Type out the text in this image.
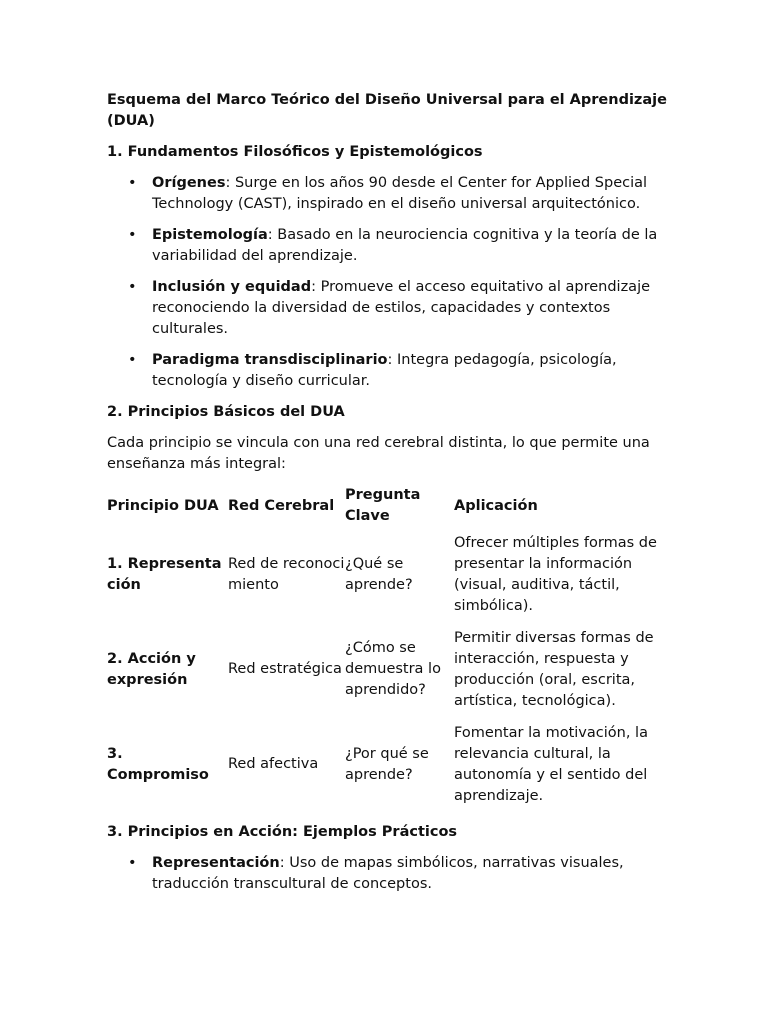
Esquema del Marco Teórico del Diseño Universal para el Aprendizaje (DUA)
1. Fundamentos Filosóficos y Epistemológicos
• Orígenes: Surge en los años 90 desde el Center for Applied Special Technology (CAST), inspirado en el diseño universal arquitectónico.
• Epistemología: Basado en la neurociencia cognitiva y la teoría de la variabilidad del aprendizaje.
• Inclusión y equidad: Promueve el acceso equitativo al aprendizaje reconociendo la diversidad de estilos, capacidades y contextos culturales.
• Paradigma transdisciplinario: Integra pedagogía, psicología, tecnología y diseño curricular.
2. Principios Básicos del DUA

Cada principio se vincula con una red cerebral distinta, lo que permite una enseñanza más integral:

Principio DUA	Red Cerebral	Pregunta Clave	Aplicación
1. Representación	Red de reconocimiento	¿Qué se aprende?	Ofrecer múltiples formas de presentar la información (visual, auditiva, táctil, simbólica).
2. Acción y expresión	Red estratégica	¿Cómo se demuestra lo aprendido?	Permitir diversas formas de interacción, respuesta y producción (oral, escrita, artística, tecnológica).
3. Compromiso	Red afectiva	¿Por qué se aprende?	Fomentar la motivación, la relevancia cultural, la autonomía y el sentido del aprendizaje.
3. Principios en Acción: Ejemplos Prácticos
• Representación: Uso de mapas simbólicos, narrativas visuales, traducción transcultural de conceptos.
